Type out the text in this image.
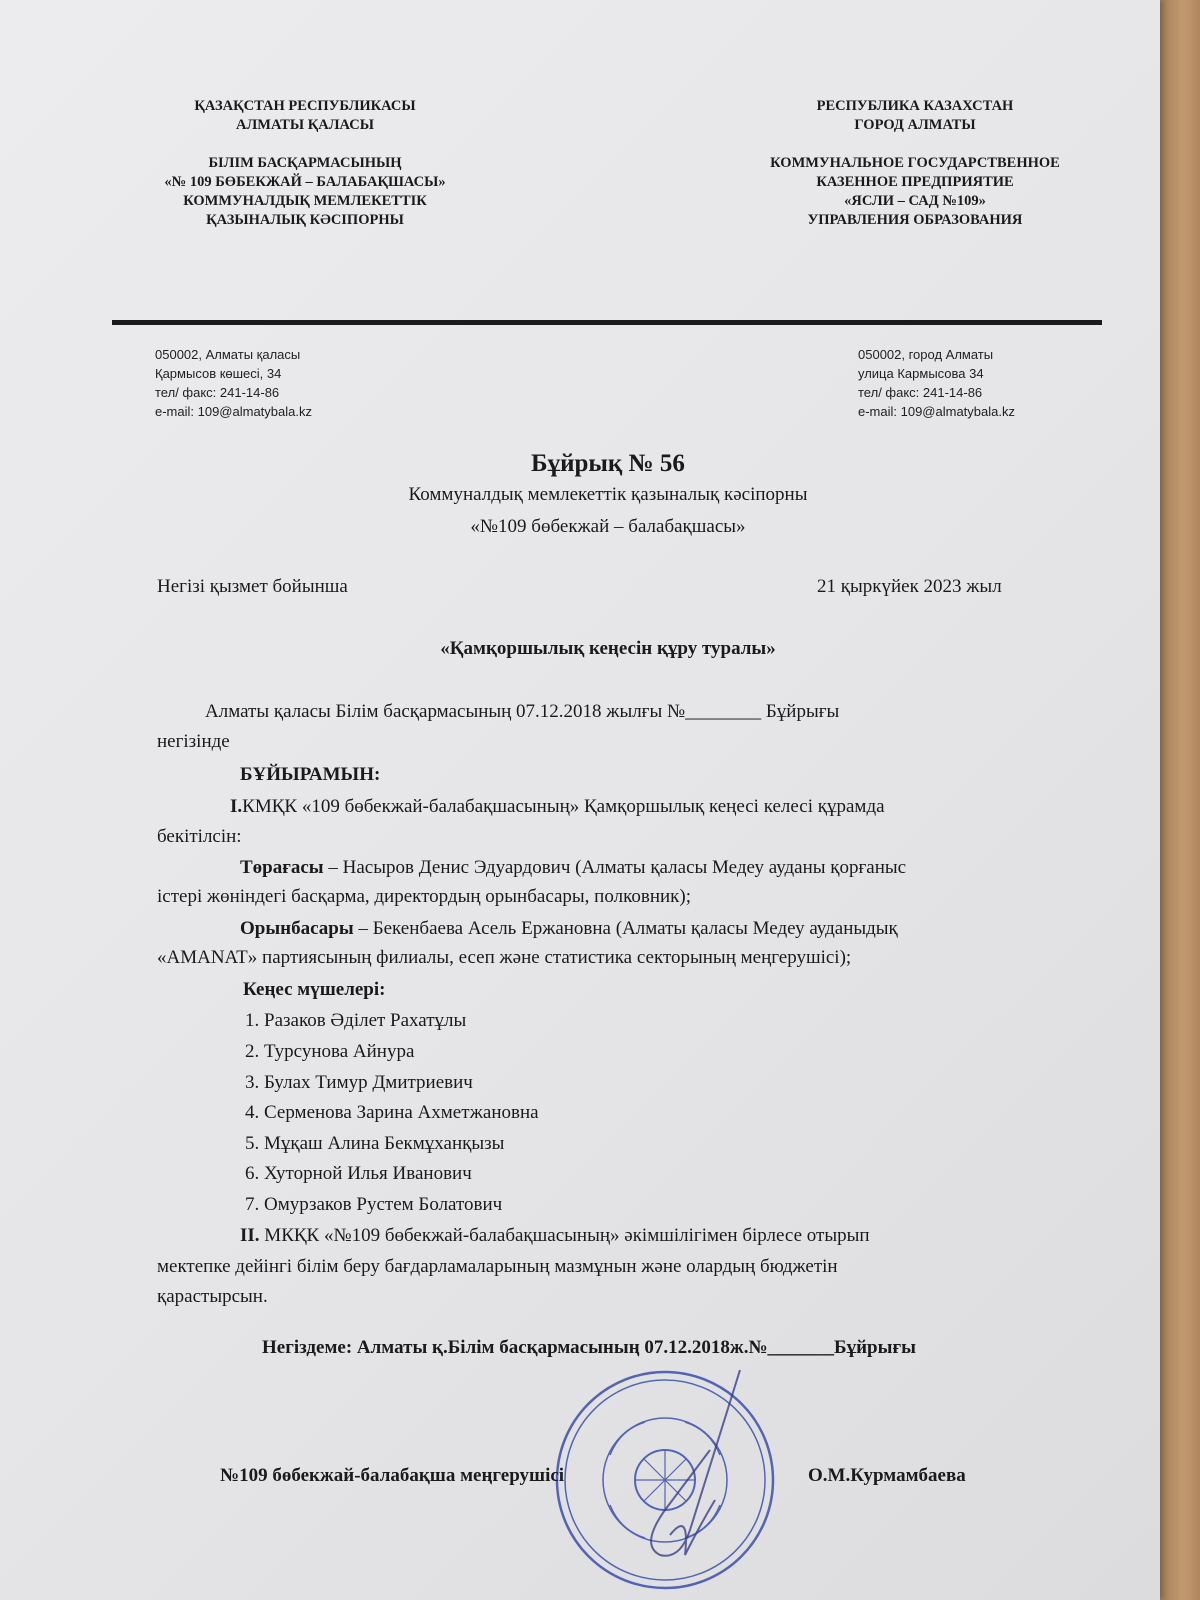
ҚАЗАҚСТАН РЕСПУБЛИКАСЫ
АЛМАТЫ ҚАЛАСЫ
БІЛІМ БАСҚАРМАСЫНЫҢ
«№ 109 БӨБЕКЖАЙ – БАЛАБАҚШАСЫ»
КОММУНАЛДЫҚ МЕМЛЕКЕТТІК
ҚАЗЫНАЛЫҚ КӘСІПОРНЫ
РЕСПУБЛИКА КАЗАХСТАН
ГОРОД АЛМАТЫ
КОММУНАЛЬНОЕ ГОСУДАРСТВЕННОЕ
КАЗЕННОЕ ПРЕДПРИЯТИЕ
«ЯСЛИ – САД №109»
УПРАВЛЕНИЯ ОБРАЗОВАНИЯ
050002, Алматы қаласы
Қармысов көшесі, 34
тел/ факс: 241-14-86
e-mail: 109@almatybala.kz
050002, город Алматы
улица Кармысова 34
тел/ факс: 241-14-86
e-mail: 109@almatybala.kz
Бұйрық № 56
Коммуналдық мемлекеттік қазыналық кәсіпорны
«№109 бөбекжай – балабақшасы»
Негізі қызмет бойынша	21 қыркүйек 2023 жыл
«Қамқоршылық кеңесін құру туралы»
Алматы қаласы Білім басқармасының 07.12.2018 жылғы №________ Бұйрығы
негізінде
БҰЙЫРАМЫН:
I.КМҚК «109 бөбекжай-балабақшасының» Қамқоршылық кеңесі келесі құрамда
бекітілсін:
Төрағасы – Насыров Денис Эдуардович (Алматы қаласы Медеу ауданы қорғаныс
істері жөніндегі басқарма, директордың орынбасары, полковник);
Орынбасары – Бекенбаева Асель Ержановна (Алматы қаласы Медеу ауданыдық
«AMANAT» партиясының филиалы, есеп және статистика секторының меңгерушісі);
Кеңес мүшелері:
1. Разаков Әділет Рахатұлы
2. Турсунова Айнура
3. Булах Тимур Дмитриевич
4. Серменова Зарина Ахметжановна
5. Мұқаш Алина Бекмұханқызы
6. Хуторной Илья Иванович
7. Омурзаков Рустем Болатович
II. МКҚК «№109 бөбекжай-балабақшасының» әкімшілігімен бірлесе отырып
мектепке дейінгі білім беру бағдарламаларының мазмұнын және олардың бюджетін
қарастырсын.
Негіздеме: Алматы қ.Білім басқармасының 07.12.2018ж.№_______Бұйрығы
№109 бөбекжай-балабақша меңгерушісі	О.М.Курмамбаева
